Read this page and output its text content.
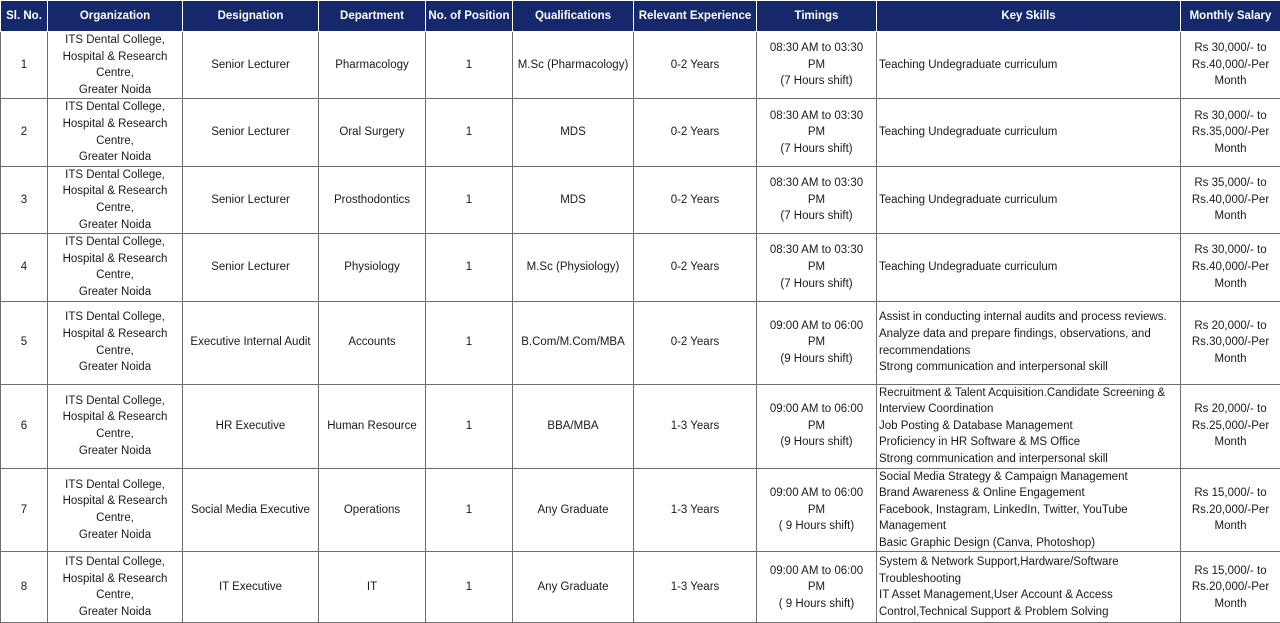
Sl. No.	Organization	Designation	Department	No. of Position	Qualifications	Relevant Experience	Timings	Key Skills	Monthly Salary
1	ITS Dental College,
Hospital & Research
Centre,
Greater Noida	Senior Lecturer	Pharmacology	1	M.Sc (Pharmacology)	0-2 Years	08:30 AM to 03:30
PM
(7 Hours shift)	Teaching Undegraduate curriculum	Rs 30,000/- to
Rs.40,000/-Per
Month
2	ITS Dental College,
Hospital & Research
Centre,
Greater Noida	Senior Lecturer	Oral Surgery	1	MDS	0-2 Years	08:30 AM to 03:30
PM
(7 Hours shift)	Teaching Undegraduate curriculum	Rs 30,000/- to
Rs.35,000/-Per
Month
3	ITS Dental College,
Hospital & Research
Centre,
Greater Noida	Senior Lecturer	Prosthodontics	1	MDS	0-2 Years	08:30 AM to 03:30
PM
(7 Hours shift)	Teaching Undegraduate curriculum	Rs 35,000/- to
Rs.40,000/-Per
Month
4	ITS Dental College,
Hospital & Research
Centre,
Greater Noida	Senior Lecturer	Physiology	1	M.Sc (Physiology)	0-2 Years	08:30 AM to 03:30
PM
(7 Hours shift)	Teaching Undegraduate curriculum	Rs 30,000/- to
Rs.40,000/-Per
Month
5	ITS Dental College,
Hospital & Research
Centre,
Greater Noida	Executive Internal Audit	Accounts	1	B.Com/M.Com/MBA	0-2 Years	09:00 AM to 06:00
PM
(9 Hours shift)	Assist in conducting internal audits and process reviews.
Analyze data and prepare findings, observations, and
recommendations
Strong communication and interpersonal skill	Rs 20,000/- to
Rs.30,000/-Per
Month
6	ITS Dental College,
Hospital & Research
Centre,
Greater Noida	HR Executive	Human Resource	1	BBA/MBA	1-3 Years	09:00 AM to 06:00
PM
(9 Hours shift)	Recruitment & Talent Acquisition.Candidate Screening &
Interview Coordination
Job Posting & Database Management
Proficiency in HR Software & MS Office
Strong communication and interpersonal skill	Rs 20,000/- to
Rs.25,000/-Per
Month
7	ITS Dental College,
Hospital & Research
Centre,
Greater Noida	Social Media Executive	Operations	1	Any Graduate	1-3 Years	09:00 AM to 06:00
PM
( 9 Hours shift)	Social Media Strategy & Campaign Management
Brand Awareness & Online Engagement
Facebook, Instagram, LinkedIn, Twitter, YouTube
Management
Basic Graphic Design (Canva, Photoshop)	Rs 15,000/- to
Rs.20,000/-Per
Month
8	ITS Dental College,
Hospital & Research
Centre,
Greater Noida	IT Executive	IT	1	Any Graduate	1-3 Years	09:00 AM to 06:00
PM
( 9 Hours shift)	System & Network Support,Hardware/Software
Troubleshooting
IT Asset Management,User Account & Access
Control,Technical Support & Problem Solving	Rs 15,000/- to
Rs.20,000/-Per
Month
